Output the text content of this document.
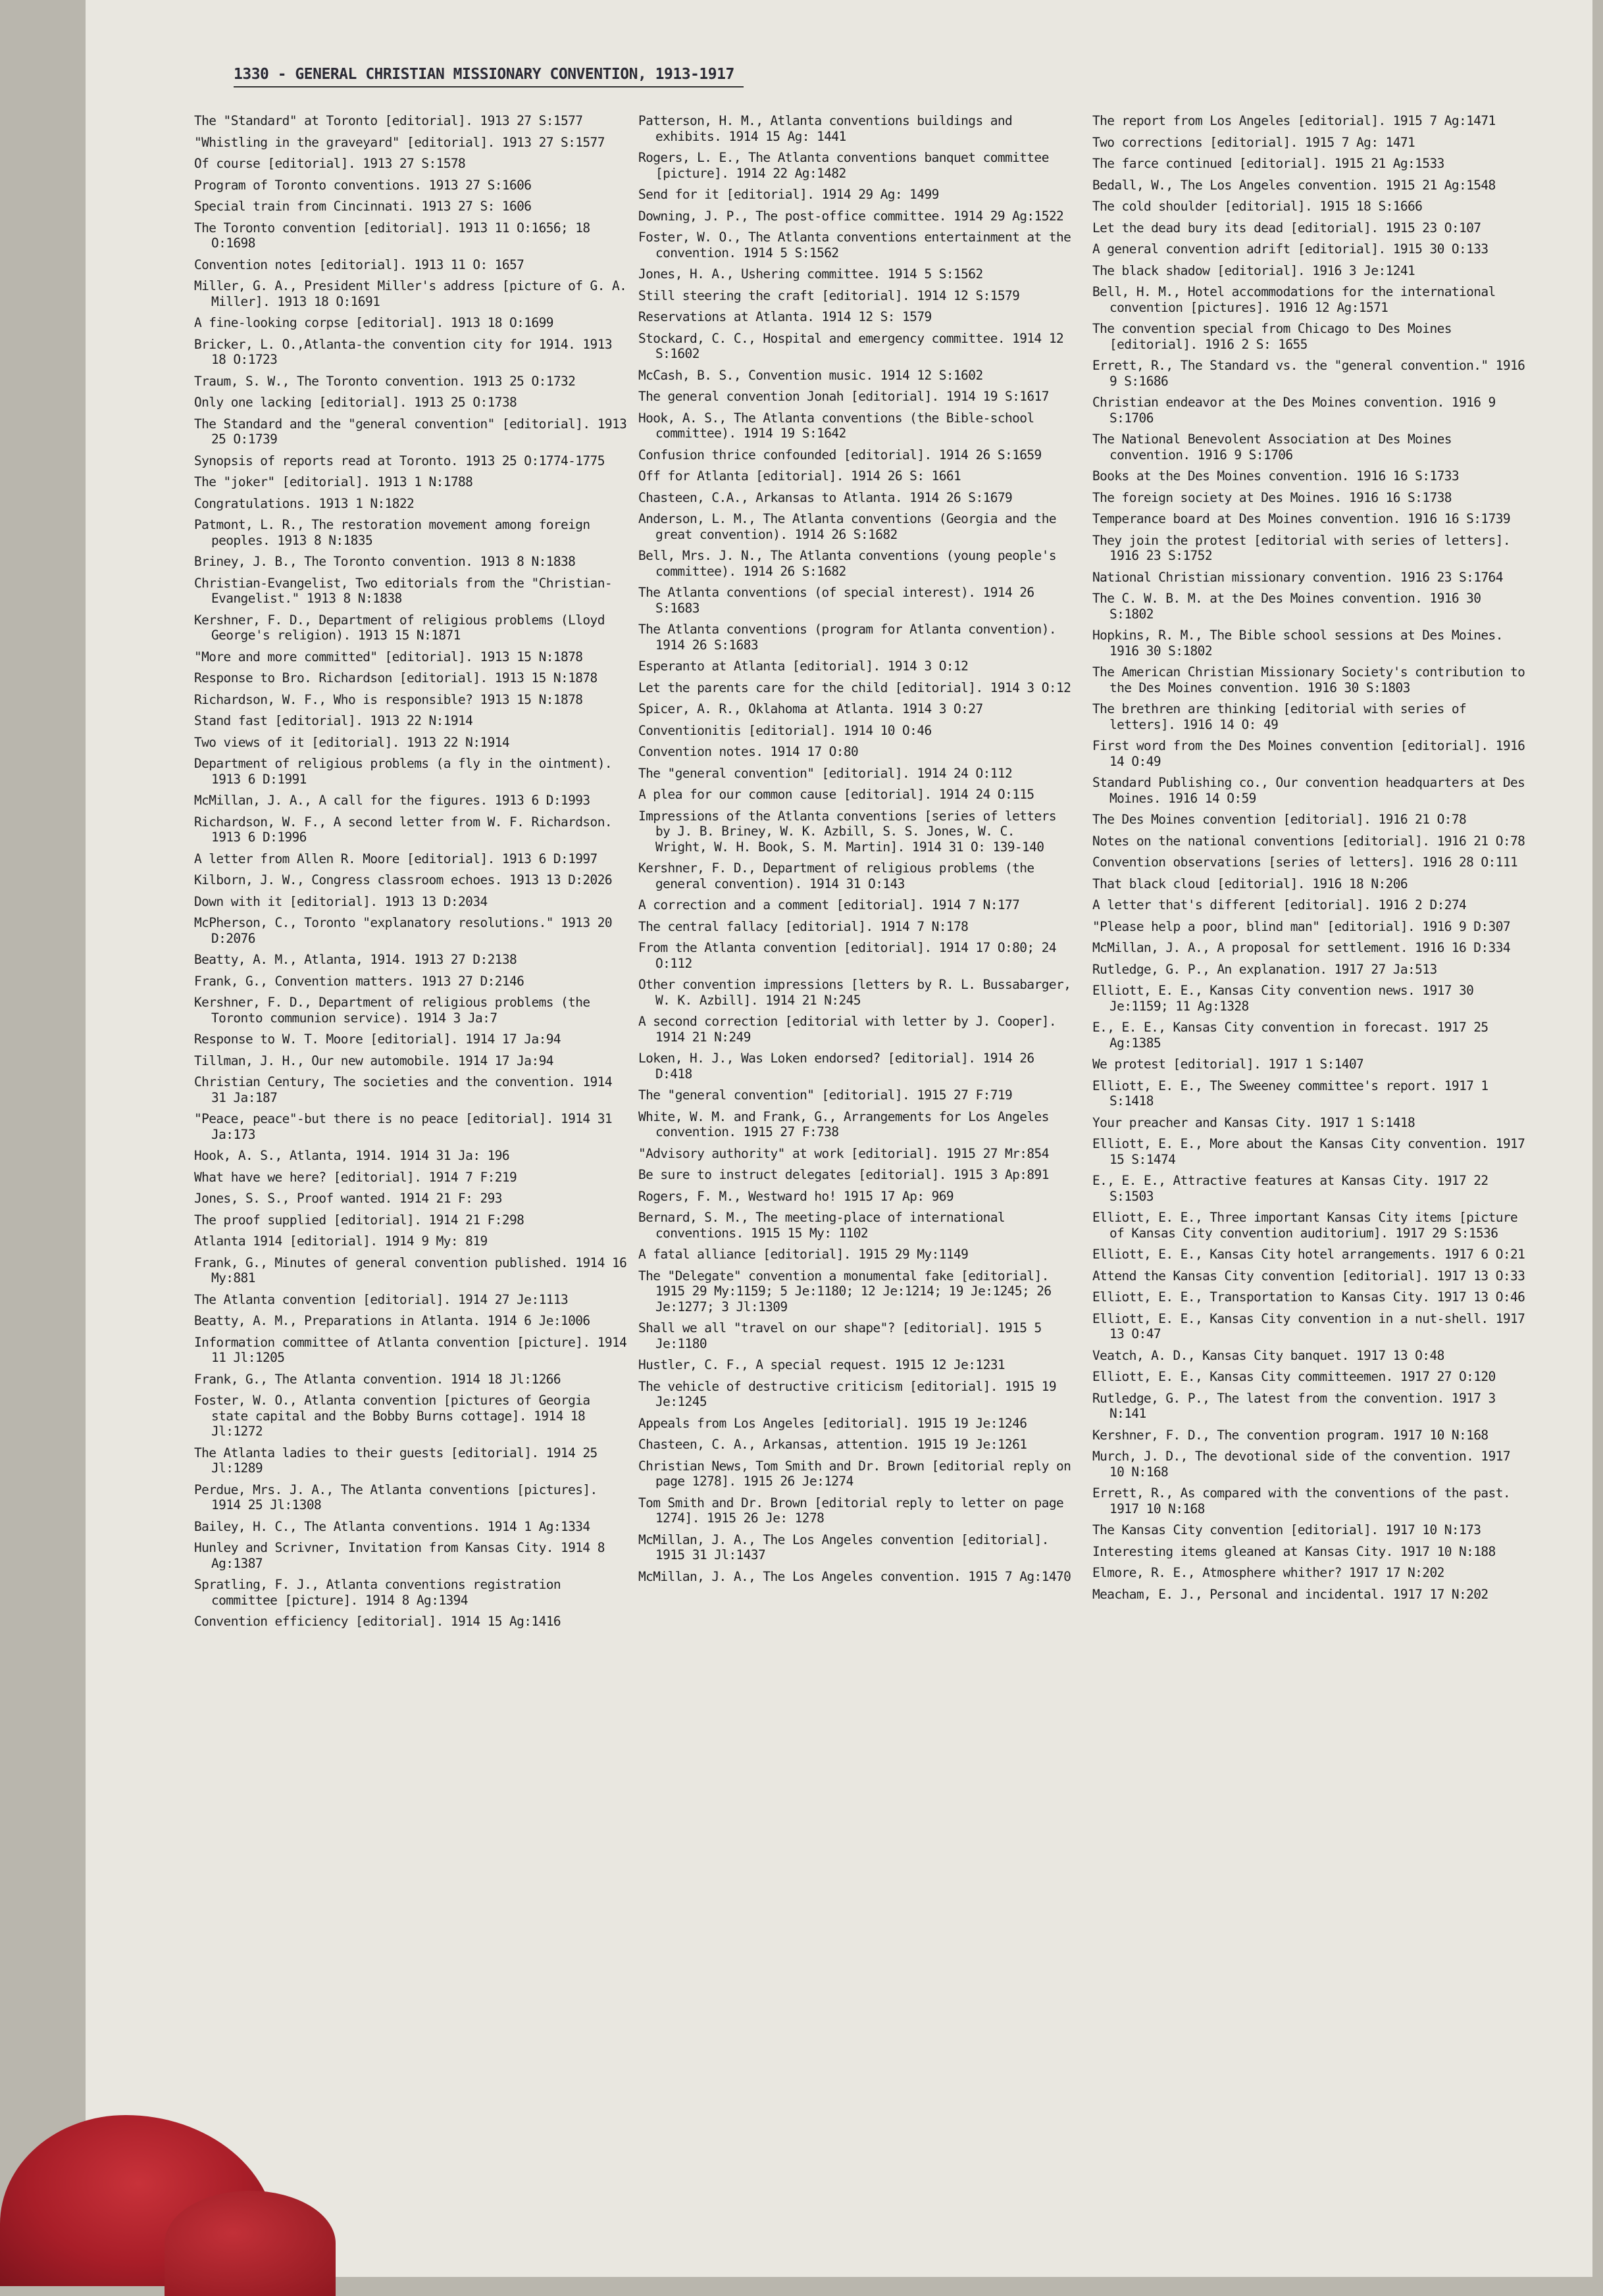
1330 - GENERAL CHRISTIAN MISSIONARY CONVENTION, 1913-1917
The "Standard" at Toronto [editorial]. 1913 27 S:1577
"Whistling in the graveyard" [editorial]. 1913 27 S:1577
Of course [editorial]. 1913 27 S:1578
Program of Toronto conventions. 1913 27 S:1606
Special train from Cincinnati. 1913 27 S: 1606
The Toronto convention [editorial]. 1913 11 O:1656; 18 O:1698
Convention notes [editorial]. 1913 11 O: 1657
Miller, G. A., President Miller's address [picture of G. A. Miller]. 1913 18 O:1691
A fine-looking corpse [editorial]. 1913 18 O:1699
Bricker, L. O.,Atlanta-the convention city for 1914. 1913 18 O:1723
Traum, S. W., The Toronto convention. 1913 25 O:1732
Only one lacking [editorial]. 1913 25 O:1738
The Standard and the "general convention" [editorial]. 1913 25 O:1739
Synopsis of reports read at Toronto. 1913 25 O:1774-1775
The "joker" [editorial]. 1913 1 N:1788
Congratulations. 1913 1 N:1822
Patmont, L. R., The restoration movement among foreign peoples. 1913 8 N:1835
Briney, J. B., The Toronto convention. 1913 8 N:1838
Christian-Evangelist, Two editorials from the "Christian-Evangelist." 1913 8 N:1838
Kershner, F. D., Department of religious problems (Lloyd George's religion). 1913 15 N:1871
"More and more committed" [editorial]. 1913 15 N:1878
Response to Bro. Richardson [editorial]. 1913 15 N:1878
Richardson, W. F., Who is responsible? 1913 15 N:1878
Stand fast [editorial]. 1913 22 N:1914
Two views of it [editorial]. 1913 22 N:1914
Department of religious problems (a fly in the ointment). 1913 6 D:1991
McMillan, J. A., A call for the figures. 1913 6 D:1993
Richardson, W. F., A second letter from W. F. Richardson. 1913 6 D:1996
A letter from Allen R. Moore [editorial]. 1913 6 D:1997
Kilborn, J. W., Congress classroom echoes. 1913 13 D:2026
Down with it [editorial]. 1913 13 D:2034
McPherson, C., Toronto "explanatory resolutions." 1913 20 D:2076
Beatty, A. M., Atlanta, 1914. 1913 27 D:2138
Frank, G., Convention matters. 1913 27 D:2146
Kershner, F. D., Department of religious problems (the Toronto communion service). 1914 3 Ja:7
Response to W. T. Moore [editorial]. 1914 17 Ja:94
Tillman, J. H., Our new automobile. 1914 17 Ja:94
Christian Century, The societies and the convention. 1914 31 Ja:187
"Peace, peace"-but there is no peace [editorial]. 1914 31 Ja:173
Hook, A. S., Atlanta, 1914. 1914 31 Ja: 196
What have we here? [editorial]. 1914 7 F:219
Jones, S. S., Proof wanted. 1914 21 F: 293
The proof supplied [editorial]. 1914 21 F:298
Atlanta 1914 [editorial]. 1914 9 My: 819
Frank, G., Minutes of general convention published. 1914 16 My:881
The Atlanta convention [editorial]. 1914 27 Je:1113
Beatty, A. M., Preparations in Atlanta. 1914 6 Je:1006
Information committee of Atlanta convention [picture]. 1914 11 Jl:1205
Frank, G., The Atlanta convention. 1914 18 Jl:1266
Foster, W. O., Atlanta convention [pictures of Georgia state capital and the Bobby Burns cottage]. 1914 18 Jl:1272
The Atlanta ladies to their guests [editorial]. 1914 25 Jl:1289
Perdue, Mrs. J. A., The Atlanta conventions [pictures]. 1914 25 Jl:1308
Bailey, H. C., The Atlanta conventions. 1914 1 Ag:1334
Hunley and Scrivner, Invitation from Kansas City. 1914 8 Ag:1387
Spratling, F. J., Atlanta conventions registration committee [picture]. 1914 8 Ag:1394
Convention efficiency [editorial]. 1914 15 Ag:1416
Patterson, H. M., Atlanta conventions buildings and exhibits. 1914 15 Ag: 1441
Rogers, L. E., The Atlanta conventions banquet committee [picture]. 1914 22 Ag:1482
Send for it [editorial]. 1914 29 Ag: 1499
Downing, J. P., The post-office committee. 1914 29 Ag:1522
Foster, W. O., The Atlanta conventions entertainment at the convention. 1914 5 S:1562
Jones, H. A., Ushering committee. 1914 5 S:1562
Still steering the craft [editorial]. 1914 12 S:1579
Reservations at Atlanta. 1914 12 S: 1579
Stockard, C. C., Hospital and emergency committee. 1914 12 S:1602
McCash, B. S., Convention music. 1914 12 S:1602
The general convention Jonah [editorial]. 1914 19 S:1617
Hook, A. S., The Atlanta conventions (the Bible-school committee). 1914 19 S:1642
Confusion thrice confounded [editorial]. 1914 26 S:1659
Off for Atlanta [editorial]. 1914 26 S: 1661
Chasteen, C.A., Arkansas to Atlanta. 1914 26 S:1679
Anderson, L. M., The Atlanta conventions (Georgia and the great convention). 1914 26 S:1682
Bell, Mrs. J. N., The Atlanta conventions (young people's committee). 1914 26 S:1682
The Atlanta conventions (of special interest). 1914 26 S:1683
The Atlanta conventions (program for Atlanta convention). 1914 26 S:1683
Esperanto at Atlanta [editorial]. 1914 3 O:12
Let the parents care for the child [editorial]. 1914 3 O:12
Spicer, A. R., Oklahoma at Atlanta. 1914 3 O:27
Conventionitis [editorial]. 1914 10 O:46
Convention notes. 1914 17 O:80
The "general convention" [editorial]. 1914 24 O:112
A plea for our common cause [editorial]. 1914 24 O:115
Impressions of the Atlanta conventions [series of letters by J. B. Briney, W. K. Azbill, S. S. Jones, W. C. Wright, W. H. Book, S. M. Martin]. 1914 31 O: 139-140
Kershner, F. D., Department of religious problems (the general convention). 1914 31 O:143
A correction and a comment [editorial]. 1914 7 N:177
The central fallacy [editorial]. 1914 7 N:178
From the Atlanta convention [editorial]. 1914 17 O:80; 24 O:112
Other convention impressions [letters by R. L. Bussabarger, W. K. Azbill]. 1914 21 N:245
A second correction [editorial with letter by J. Cooper]. 1914 21 N:249
Loken, H. J., Was Loken endorsed? [editorial]. 1914 26 D:418
The "general convention" [editorial]. 1915 27 F:719
White, W. M. and Frank, G., Arrangements for Los Angeles convention. 1915 27 F:738
"Advisory authority" at work [editorial]. 1915 27 Mr:854
Be sure to instruct delegates [editorial]. 1915 3 Ap:891
Rogers, F. M., Westward ho! 1915 17 Ap: 969
Bernard, S. M., The meeting-place of international conventions. 1915 15 My: 1102
A fatal alliance [editorial]. 1915 29 My:1149
The "Delegate" convention a monumental fake [editorial]. 1915 29 My:1159; 5 Je:1180; 12 Je:1214; 19 Je:1245; 26 Je:1277; 3 Jl:1309
Shall we all "travel on our shape"? [editorial]. 1915 5 Je:1180
Hustler, C. F., A special request. 1915 12 Je:1231
The vehicle of destructive criticism [editorial]. 1915 19 Je:1245
Appeals from Los Angeles [editorial]. 1915 19 Je:1246
Chasteen, C. A., Arkansas, attention. 1915 19 Je:1261
Christian News, Tom Smith and Dr. Brown [editorial reply on page 1278]. 1915 26 Je:1274
Tom Smith and Dr. Brown [editorial reply to letter on page 1274]. 1915 26 Je: 1278
McMillan, J. A., The Los Angeles convention [editorial]. 1915 31 Jl:1437
McMillan, J. A., The Los Angeles convention. 1915 7 Ag:1470
The report from Los Angeles [editorial]. 1915 7 Ag:1471
Two corrections [editorial]. 1915 7 Ag: 1471
The farce continued [editorial]. 1915 21 Ag:1533
Bedall, W., The Los Angeles convention. 1915 21 Ag:1548
The cold shoulder [editorial]. 1915 18 S:1666
Let the dead bury its dead [editorial]. 1915 23 O:107
A general convention adrift [editorial]. 1915 30 O:133
The black shadow [editorial]. 1916 3 Je:1241
Bell, H. M., Hotel accommodations for the international convention [pictures]. 1916 12 Ag:1571
The convention special from Chicago to Des Moines [editorial]. 1916 2 S: 1655
Errett, R., The Standard vs. the "general convention." 1916 9 S:1686
Christian endeavor at the Des Moines convention. 1916 9 S:1706
The National Benevolent Association at Des Moines convention. 1916 9 S:1706
Books at the Des Moines convention. 1916 16 S:1733
The foreign society at Des Moines. 1916 16 S:1738
Temperance board at Des Moines convention. 1916 16 S:1739
They join the protest [editorial with series of letters]. 1916 23 S:1752
National Christian missionary convention. 1916 23 S:1764
The C. W. B. M. at the Des Moines convention. 1916 30 S:1802
Hopkins, R. M., The Bible school sessions at Des Moines. 1916 30 S:1802
The American Christian Missionary Society's contribution to the Des Moines convention. 1916 30 S:1803
The brethren are thinking [editorial with series of letters]. 1916 14 O: 49
First word from the Des Moines convention [editorial]. 1916 14 O:49
Standard Publishing co., Our convention headquarters at Des Moines. 1916 14 O:59
The Des Moines convention [editorial]. 1916 21 O:78
Notes on the national conventions [editorial]. 1916 21 O:78
Convention observations [series of letters]. 1916 28 O:111
That black cloud [editorial]. 1916 18 N:206
A letter that's different [editorial]. 1916 2 D:274
"Please help a poor, blind man" [editorial]. 1916 9 D:307
McMillan, J. A., A proposal for settlement. 1916 16 D:334
Rutledge, G. P., An explanation. 1917 27 Ja:513
Elliott, E. E., Kansas City convention news. 1917 30 Je:1159; 11 Ag:1328
E., E. E., Kansas City convention in forecast. 1917 25 Ag:1385
We protest [editorial]. 1917 1 S:1407
Elliott, E. E., The Sweeney committee's report. 1917 1 S:1418
Your preacher and Kansas City. 1917 1 S:1418
Elliott, E. E., More about the Kansas City convention. 1917 15 S:1474
E., E. E., Attractive features at Kansas City. 1917 22 S:1503
Elliott, E. E., Three important Kansas City items [picture of Kansas City convention auditorium]. 1917 29 S:1536
Elliott, E. E., Kansas City hotel arrangements. 1917 6 O:21
Attend the Kansas City convention [editorial]. 1917 13 O:33
Elliott, E. E., Transportation to Kansas City. 1917 13 O:46
Elliott, E. E., Kansas City convention in a nut-shell. 1917 13 O:47
Veatch, A. D., Kansas City banquet. 1917 13 O:48
Elliott, E. E., Kansas City committeemen. 1917 27 O:120
Rutledge, G. P., The latest from the convention. 1917 3 N:141
Kershner, F. D., The convention program. 1917 10 N:168
Murch, J. D., The devotional side of the convention. 1917 10 N:168
Errett, R., As compared with the conventions of the past. 1917 10 N:168
The Kansas City convention [editorial]. 1917 10 N:173
Interesting items gleaned at Kansas City. 1917 10 N:188
Elmore, R. E., Atmosphere whither? 1917 17 N:202
Meacham, E. J., Personal and incidental. 1917 17 N:202
